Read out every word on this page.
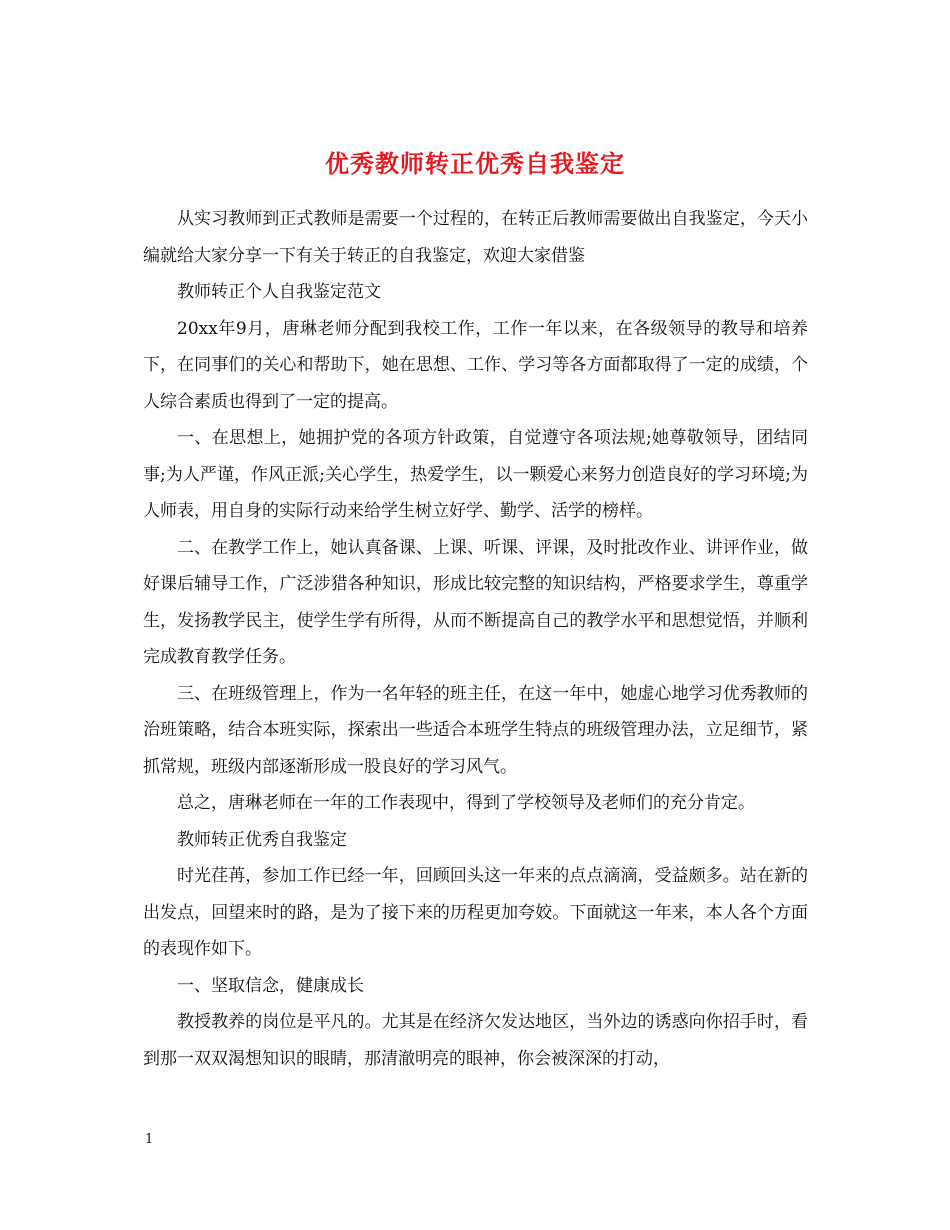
优秀教师转正优秀自我鉴定

从实习教师到正式教师是需要一个过程的，在转正后教师需要做出自我鉴定，今天小编就给大家分享一下有关于转正的自我鉴定，欢迎大家借鉴

教师转正个人自我鉴定范文

20xx年9月，唐琳老师分配到我校工作，工作一年以来，在各级领导的教导和培养下，在同事们的关心和帮助下，她在思想、工作、学习等各方面都取得了一定的成绩，个人综合素质也得到了一定的提高。

一、在思想上，她拥护党的各项方针政策，自觉遵守各项法规;她尊敬领导，团结同事;为人严谨，作风正派;关心学生，热爱学生，以一颗爱心来努力创造良好的学习环境;为人师表，用自身的实际行动来给学生树立好学、勤学、活学的榜样。

二、在教学工作上，她认真备课、上课、听课、评课，及时批改作业、讲评作业，做好课后辅导工作，广泛涉猎各种知识，形成比较完整的知识结构，严格要求学生，尊重学生，发扬教学民主，使学生学有所得，从而不断提高自己的教学水平和思想觉悟，并顺利完成教育教学任务。

三、在班级管理上，作为一名年轻的班主任，在这一年中，她虚心地学习优秀教师的治班策略，结合本班实际，探索出一些适合本班学生特点的班级管理办法，立足细节，紧抓常规，班级内部逐渐形成一股良好的学习风气。

总之，唐琳老师在一年的工作表现中，得到了学校领导及老师们的充分肯定。

教师转正优秀自我鉴定

时光荏苒，参加工作已经一年，回顾回头这一年来的点点滴滴，受益颇多。站在新的出发点，回望来时的路，是为了接下来的历程更加夸姣。下面就这一年来，本人各个方面的表现作如下。

一、坚取信念，健康成长

教授教养的岗位是平凡的。尤其是在经济欠发达地区，当外边的诱惑向你招手时，看到那一双双渴想知识的眼睛，那清澈明亮的眼神，你会被深深的打动，

1
